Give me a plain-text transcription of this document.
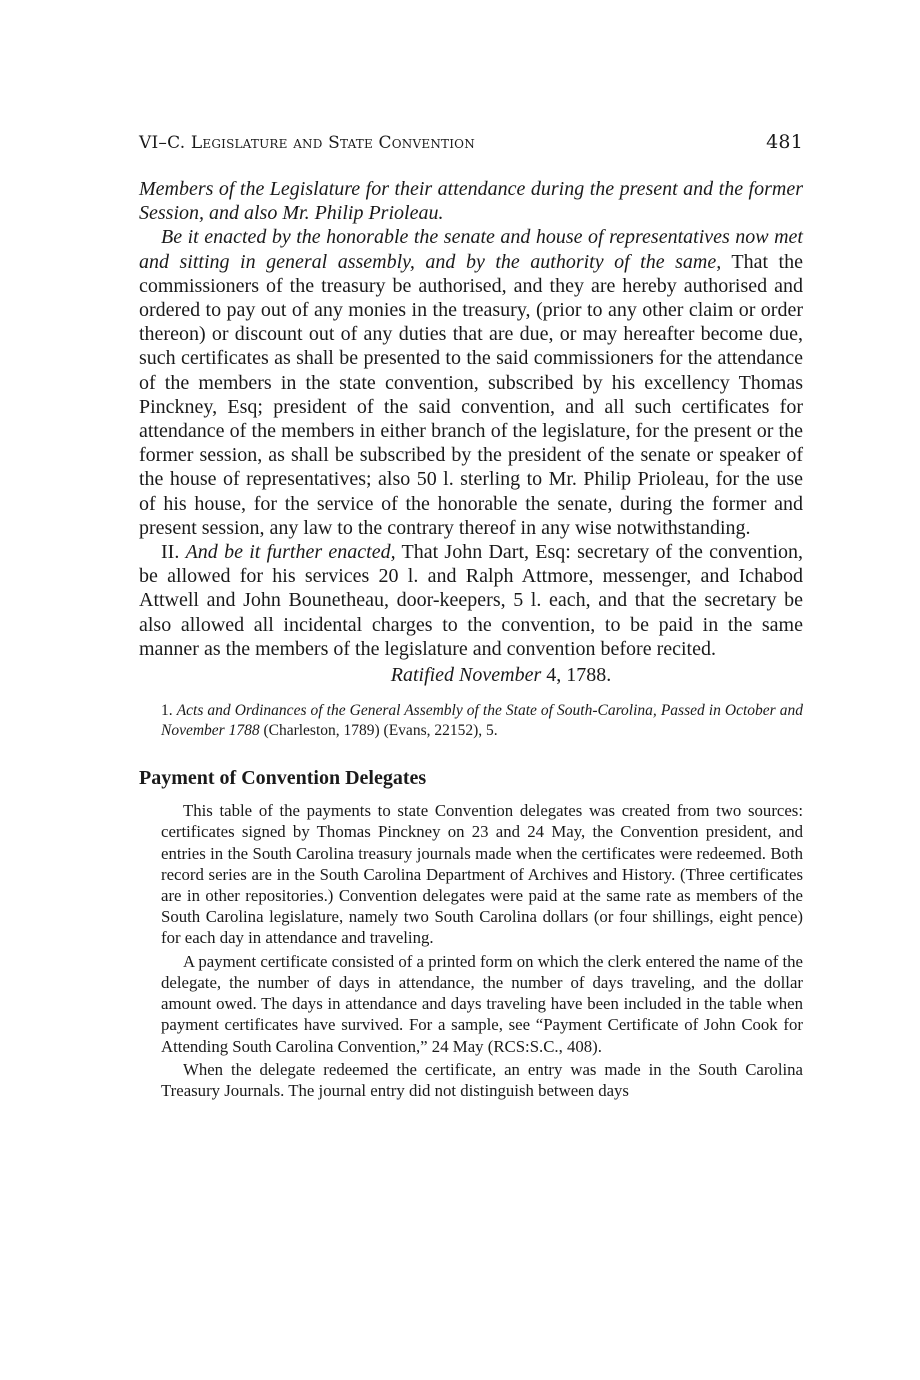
VI–C. Legislature and State Convention	481

Members of the Legislature for their attendance during the present and the former Session, and also Mr. Philip Prioleau.

Be it enacted by the honorable the senate and house of representatives now met and sitting in general assembly, and by the authority of the same, That the commissioners of the treasury be authorised, and they are hereby authorised and ordered to pay out of any monies in the treasury, (prior to any other claim or order thereon) or discount out of any duties that are due, or may hereafter become due, such certificates as shall be presented to the said commissioners for the attendance of the members in the state convention, subscribed by his excellency Thomas Pinckney, Esq; president of the said convention, and all such certificates for attendance of the members in either branch of the legislature, for the present or the former session, as shall be subscribed by the president of the senate or speaker of the house of representatives; also 50 l. sterling to Mr. Philip Prioleau, for the use of his house, for the service of the honorable the senate, during the former and present session, any law to the contrary thereof in any wise notwithstanding.

II. And be it further enacted, That John Dart, Esq: secretary of the convention, be allowed for his services 20 l. and Ralph Attmore, messenger, and Ichabod Attwell and John Bounetheau, door-keepers, 5 l. each, and that the secretary be also allowed all incidental charges to the convention, to be paid in the same manner as the members of the legislature and convention before recited.

Ratified November 4, 1788.

1. Acts and Ordinances of the General Assembly of the State of South-Carolina, Passed in October and November 1788 (Charleston, 1789) (Evans, 22152), 5.
Payment of Convention Delegates

This table of the payments to state Convention delegates was created from two sources: certificates signed by Thomas Pinckney on 23 and 24 May, the Convention president, and entries in the South Carolina treasury journals made when the certificates were redeemed. Both record series are in the South Carolina Department of Archives and History. (Three certificates are in other repositories.) Convention delegates were paid at the same rate as members of the South Carolina legislature, namely two South Carolina dollars (or four shillings, eight pence) for each day in attendance and traveling.

A payment certificate consisted of a printed form on which the clerk entered the name of the delegate, the number of days in attendance, the number of days traveling, and the dollar amount owed. The days in attendance and days traveling have been included in the table when payment certificates have survived. For a sample, see “Payment Certificate of John Cook for Attending South Carolina Convention,” 24 May (RCS:S.C., 408).

When the delegate redeemed the certificate, an entry was made in the South Carolina Treasury Journals. The journal entry did not distinguish between days
